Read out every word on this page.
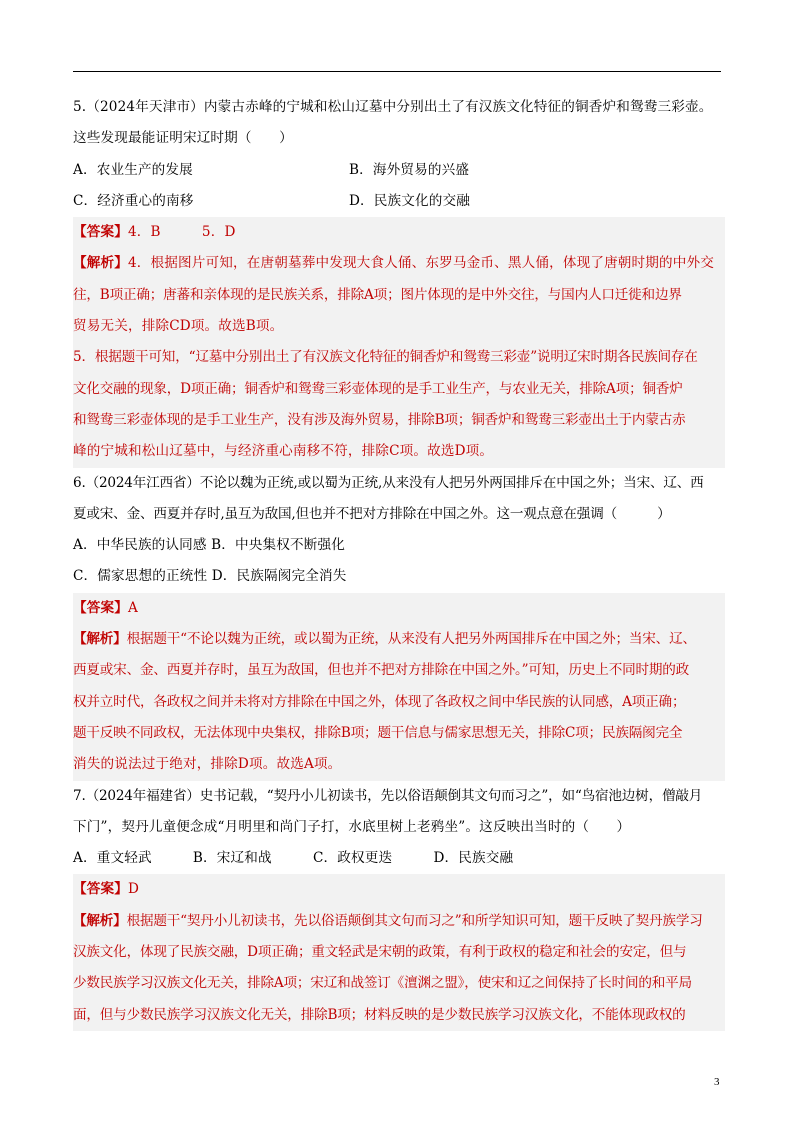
5.（2024年天津市）内蒙古赤峰的宁城和松山辽墓中分别出土了有汉族文化特征的铜香炉和鸳鸯三彩壶。
这些发现最能证明宋辽时期（　　）
A．农业生产的发展	B．海外贸易的兴盛
C．经济重心的南移	D．民族文化的交融
【答案】4．B　　　5．D
【解析】4．根据图片可知，在唐朝墓葬中发现大食人俑、东罗马金币、黑人俑，体现了唐朝时期的中外交
往，B项正确；唐蕃和亲体现的是民族关系，排除A项；图片体现的是中外交往，与国内人口迁徙和边界
贸易无关，排除CD项。故选B项。
5．根据题干可知，“辽墓中分别出土了有汉族文化特征的铜香炉和鸳鸯三彩壶”说明辽宋时期各民族间存在
文化交融的现象，D项正确；铜香炉和鸳鸯三彩壶体现的是手工业生产，与农业无关，排除A项；铜香炉
和鸳鸯三彩壶体现的是手工业生产，没有涉及海外贸易，排除B项；铜香炉和鸳鸯三彩壶出土于内蒙古赤
峰的宁城和松山辽墓中，与经济重心南移不符，排除C项。故选D项。
6.（2024年江西省）不论以魏为正统,或以蜀为正统,从来没有人把另外两国排斥在中国之外；当宋、辽、西
夏或宋、金、西夏并存时,虽互为敌国,但也并不把对方排除在中国之外。这一观点意在强调（　　　）
A．中华民族的认同感 B．中央集权不断强化
C．儒家思想的正统性 D．民族隔阂完全消失
【答案】A
【解析】根据题干“不论以魏为正统，或以蜀为正统，从来没有人把另外两国排斥在中国之外；当宋、辽、
西夏或宋、金、西夏并存时，虽互为敌国，但也并不把对方排除在中国之外。”可知，历史上不同时期的政
权并立时代，各政权之间并未将对方排除在中国之外，体现了各政权之间中华民族的认同感，A项正确；
题干反映不同政权，无法体现中央集权，排除B项；题干信息与儒家思想无关，排除C项；民族隔阂完全
消失的说法过于绝对，排除D项。故选A项。
7.（2024年福建省）史书记载，“契丹小儿初读书，先以俗语颠倒其文句而习之”，如“鸟宿池边树，僧敲月
下门”，契丹儿童便念成“月明里和尚门子打，水底里树上老鸦坐”。这反映出当时的（　　）
A．重文轻武　　　B．宋辽和战　　　C．政权更迭　　　D．民族交融
【答案】D
【解析】根据题干“契丹小儿初读书，先以俗语颠倒其文句而习之”和所学知识可知，题干反映了契丹族学习
汉族文化，体现了民族交融，D项正确；重文轻武是宋朝的政策，有利于政权的稳定和社会的安定，但与
少数民族学习汉族文化无关，排除A项；宋辽和战签订《澶渊之盟》，使宋和辽之间保持了长时间的和平局
面，但与少数民族学习汉族文化无关，排除B项；材料反映的是少数民族学习汉族文化，不能体现政权的
3
